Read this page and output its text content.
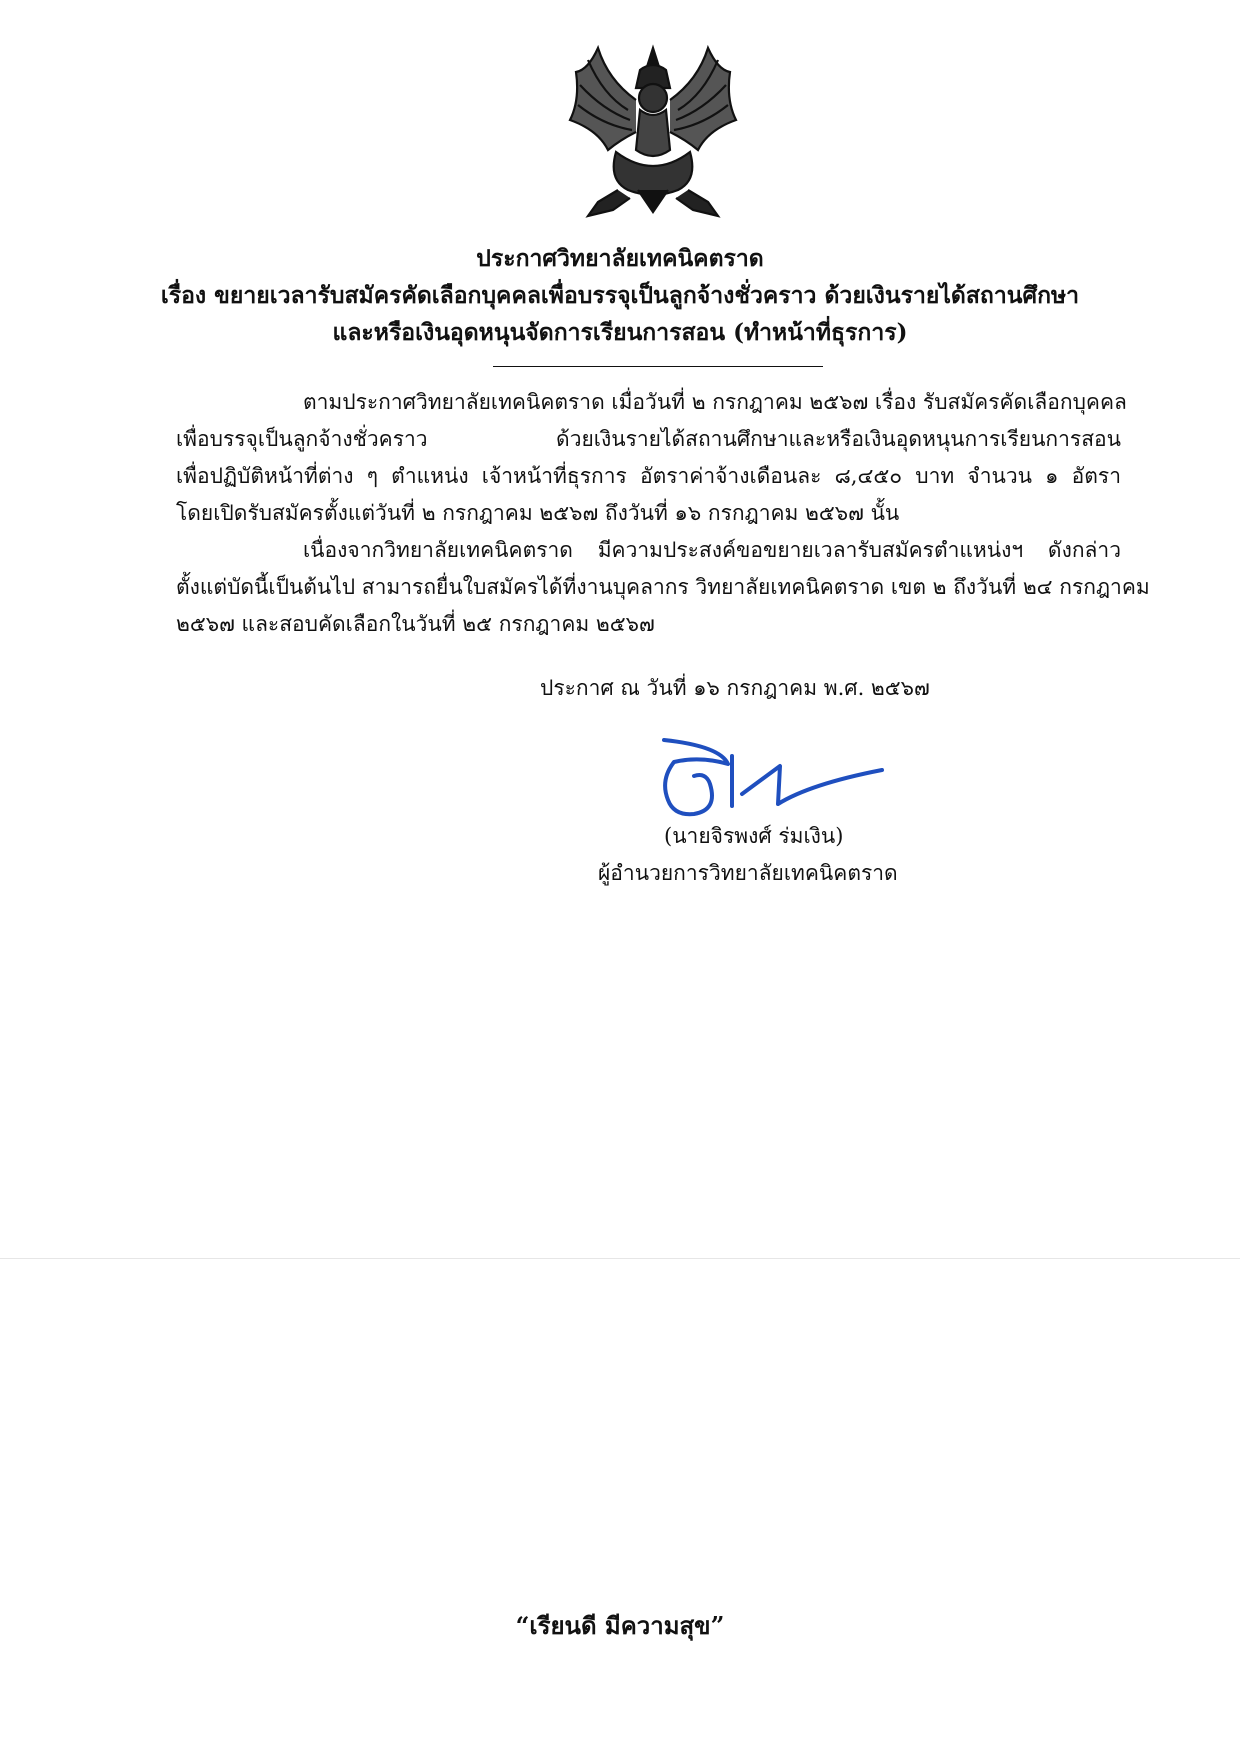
ประกาศวิทยาลัยเทคนิคตราด
เรื่อง ขยายเวลารับสมัครคัดเลือกบุคคลเพื่อบรรจุเป็นลูกจ้างชั่วคราว ด้วยเงินรายได้สถานศึกษา
และหรือเงินอุดหนุนจัดการเรียนการสอน (ทำหน้าที่ธุรการ)
ตามประกาศวิทยาลัยเทคนิคตราด เมื่อวันที่ ๒ กรกฎาคม ๒๕๖๗ เรื่อง รับสมัครคัดเลือกบุคคล
เพื่อบรรจุเป็นลูกจ้างชั่วคราว ด้วยเงินรายได้สถานศึกษาและหรือเงินอุดหนุนการเรียนการสอน
เพื่อปฏิบัติหน้าที่ต่าง ๆ ตำแหน่ง เจ้าหน้าที่ธุรการ อัตราค่าจ้างเดือนละ ๘,๔๕๐ บาท จำนวน ๑ อัตรา
โดยเปิดรับสมัครตั้งแต่วันที่ ๒ กรกฎาคม ๒๕๖๗ ถึงวันที่ ๑๖ กรกฎาคม ๒๕๖๗ นั้น
เนื่องจากวิทยาลัยเทคนิคตราด มีความประสงค์ขอขยายเวลารับสมัครตำแหน่งฯ ดังกล่าว
ตั้งแต่บัดนี้เป็นต้นไป สามารถยื่นใบสมัครได้ที่งานบุคลากร วิทยาลัยเทคนิคตราด เขต ๒ ถึงวันที่ ๒๔ กรกฎาคม
๒๕๖๗ และสอบคัดเลือกในวันที่ ๒๕ กรกฎาคม ๒๕๖๗
ประกาศ ณ วันที่ ๑๖ กรกฎาคม พ.ศ. ๒๕๖๗
(นายจิรพงศ์ ร่มเงิน)
ผู้อำนวยการวิทยาลัยเทคนิคตราด
“เรียนดี มีความสุข”
